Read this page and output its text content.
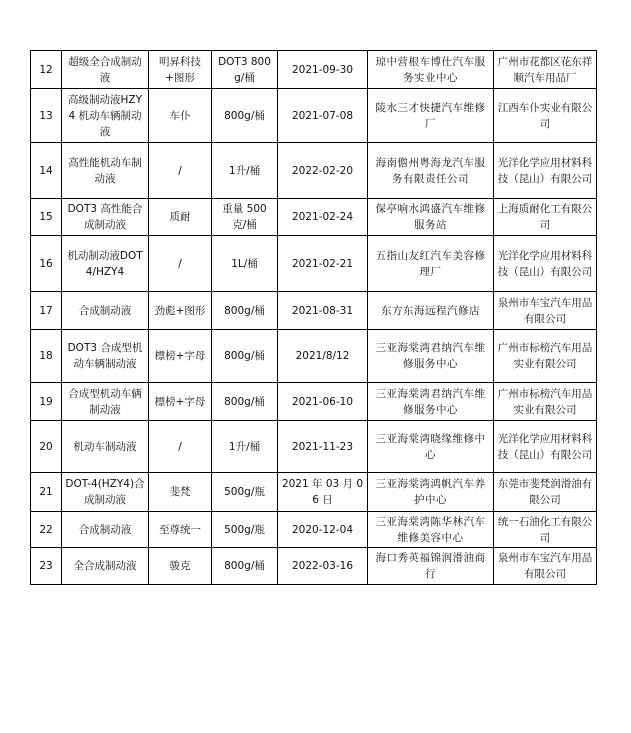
12	超级全合成制动液	明昇科技+图形	DOT3 800g/桶	2021-09-30	琼中营根车博仕汽车服务实业中心	广州市花都区花东祥顺汽车用品厂
13	高级制动液HZY4 机动车辆制动液	车仆	800g/桶	2021-07-08	陵水三才快捷汽车维修厂	江西车仆实业有限公司
14	高性能机动车制动液	/	1升/桶	2022-02-20	海南儋州粤海龙汽车服务有限责任公司	光洋化学应用材料科技（昆山）有限公司
15	DOT3 高性能合成制动液	质耐	重量 500 克/桶	2021-02-24	保亭响水鸿盛汽车维修服务站	上海质耐化工有限公司
16	机动制动液DOT4/HZY4	/	1L/桶	2021-02-21	五指山友红汽车美容修理厂	光洋化学应用材料科技（昆山）有限公司
17	合成制动液	劲彪+图形	800g/桶	2021-08-31	东方东海远程汽修店	泉州市车宝汽车用品有限公司
18	DOT3 合成型机动车辆制动液	標榜+字母	800g/桶	2021/8/12	三亚海棠湾君纳汽车维修服务中心	广州市标榜汽车用品实业有限公司
19	合成型机动车辆制动液	標榜+字母	800g/桶	2021-06-10	三亚海棠湾君纳汽车维修服务中心	广州市标榜汽车用品实业有限公司
20	机动车制动液	/	1升/桶	2021-11-23	三亚海棠湾晓缘维修中心	光洋化学应用材料科技（昆山）有限公司
21	DOT-4(HZY4)合成制动液	斐梵	500g/瓶	2021 年 03 月 06 日	三亚海棠湾鸿帆汽车养护中心	东莞市斐梵润滑油有限公司
22	合成制动液	至尊统一	500g/瓶	2020-12-04	三亚海棠湾陈华林汽车维修美容中心	统一石油化工有限公司
23	全合成制动液	骏克	800g/桶	2022-03-16	海口秀英福锦润滑油商行	泉州市车宝汽车用品有限公司
